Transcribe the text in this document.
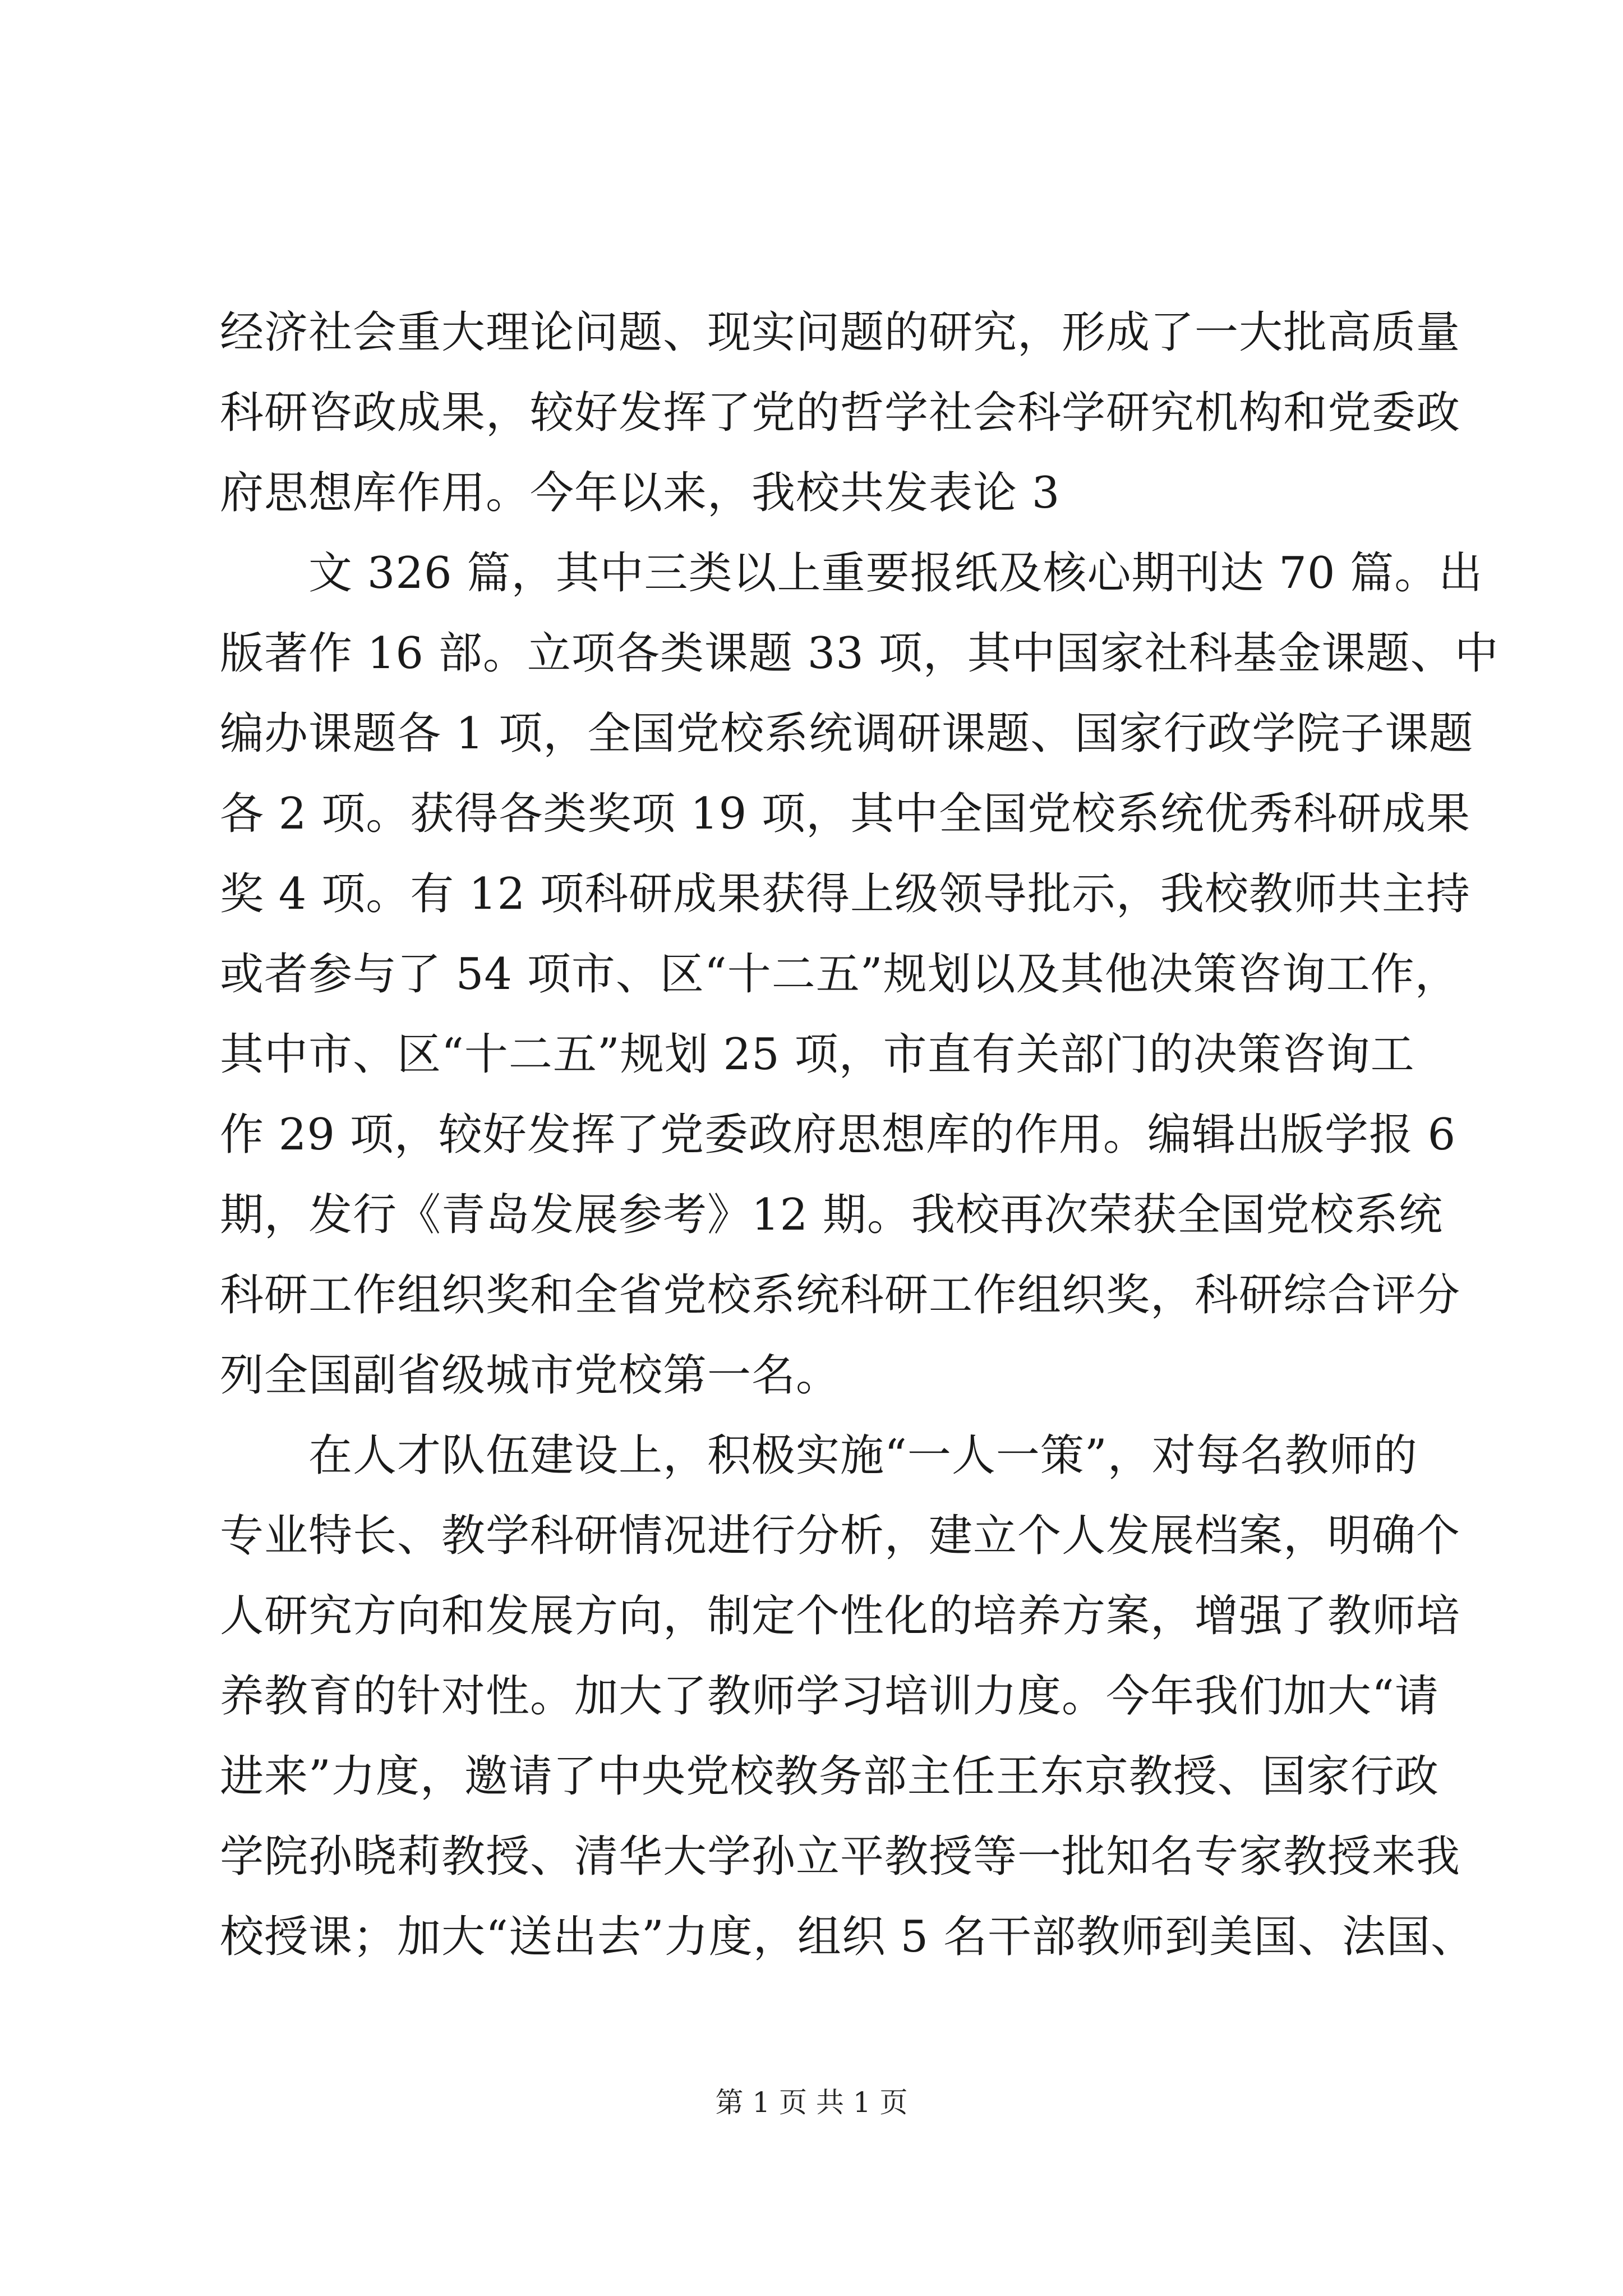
经济社会重大理论问题、现实问题的研究，形成了一大批高质量
科研咨政成果，较好发挥了党的哲学社会科学研究机构和党委政
府思想库作用。今年以来，我校共发表论 3
文 326 篇，其中三类以上重要报纸及核心期刊达 70 篇。出
版著作 16 部。立项各类课题 33 项，其中国家社科基金课题、中
编办课题各 1 项，全国党校系统调研课题、国家行政学院子课题
各 2 项。获得各类奖项 19 项，其中全国党校系统优秀科研成果
奖 4 项。有 12 项科研成果获得上级领导批示，我校教师共主持
或者参与了 54 项市、区“十二五”规划以及其他决策咨询工作，
其中市、区“十二五”规划 25 项，市直有关部门的决策咨询工
作 29 项，较好发挥了党委政府思想库的作用。编辑出版学报 6
期，发行《青岛发展参考》12 期。我校再次荣获全国党校系统
科研工作组织奖和全省党校系统科研工作组织奖，科研综合评分
列全国副省级城市党校第一名。
在人才队伍建设上，积极实施“一人一策”，对每名教师的
专业特长、教学科研情况进行分析，建立个人发展档案，明确个
人研究方向和发展方向，制定个性化的培养方案，增强了教师培
养教育的针对性。加大了教师学习培训力度。今年我们加大“请
进来”力度，邀请了中央党校教务部主任王东京教授、国家行政
学院孙晓莉教授、清华大学孙立平教授等一批知名专家教授来我
校授课；加大“送出去”力度，组织 5 名干部教师到美国、法国、
第 1 页 共 1 页
